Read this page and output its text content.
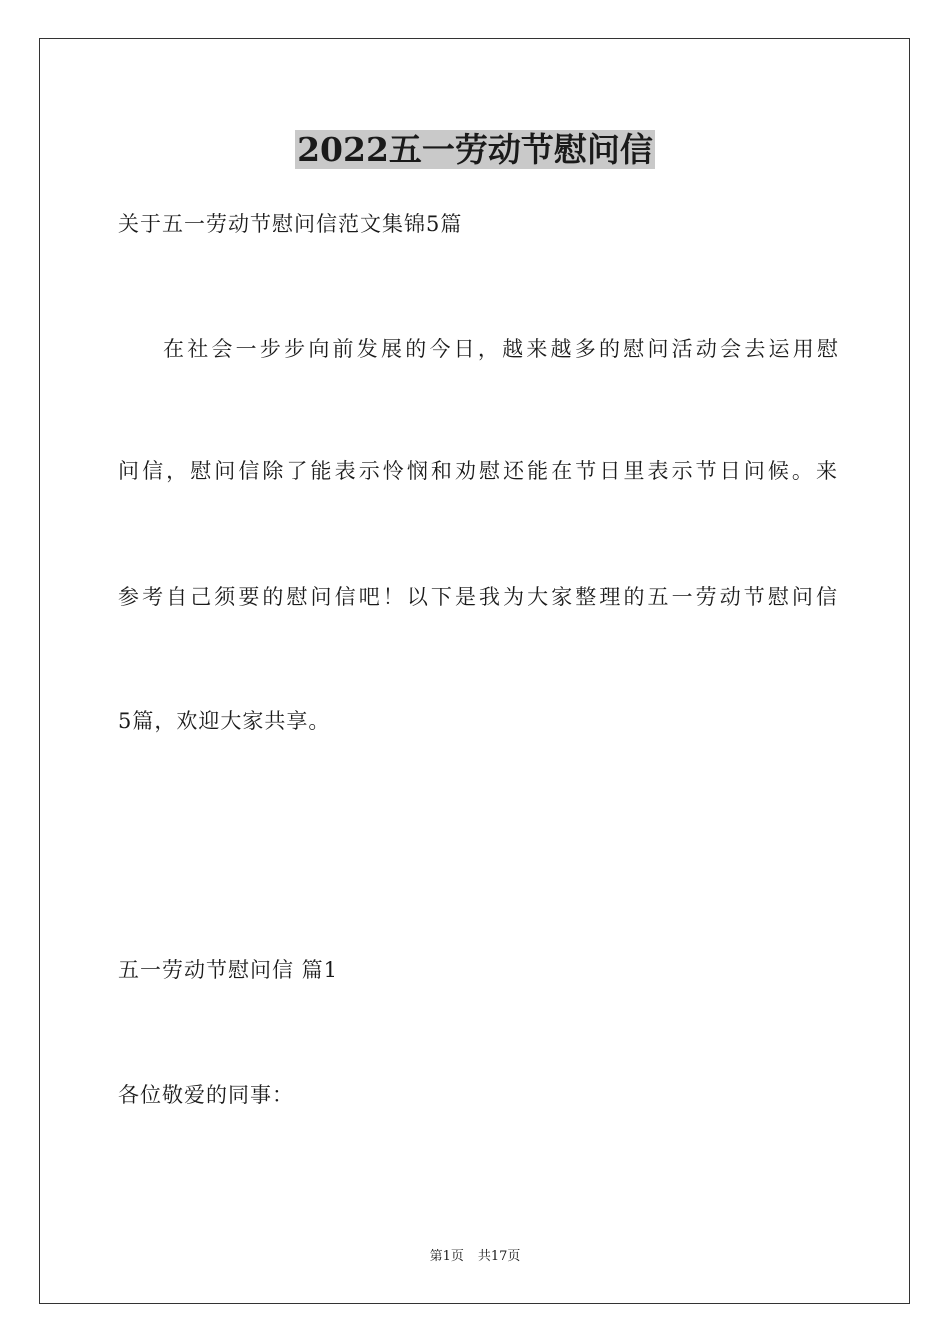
2022五一劳动节慰问信

关于五一劳动节慰问信范文集锦5篇

在社会一步步向前发展的今日，越来越多的慰问活动会去运用慰

问信，慰问信除了能表示怜悯和劝慰还能在节日里表示节日问候。来

参考自己须要的慰问信吧！以下是我为大家整理的五一劳动节慰问信

5篇，欢迎大家共享。

五一劳动节慰问信 篇1

各位敬爱的同事：

第1页 共17页
